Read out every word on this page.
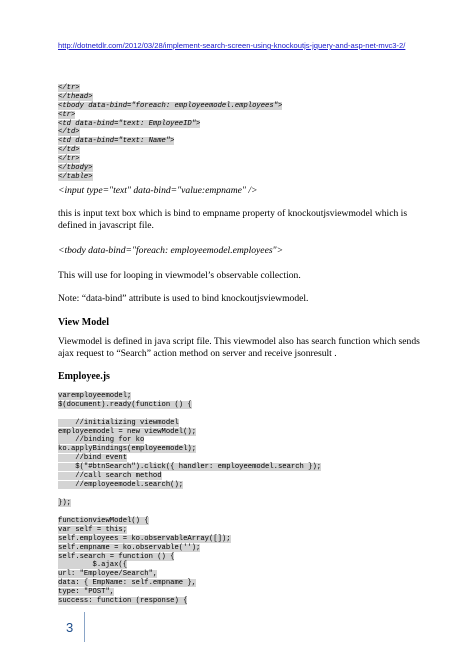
http://dotnetdlr.com/2012/03/28/implement-search-screen-using-knockoutjs-jquery-and-asp-net-mvc3-2/
</tr>
</thead>
<tbody data-bind="foreach: employeemodel.employees">
<tr>
<td data-bind="text: EmployeeID">
</td>
<td data-bind="text: Name">
</td>
</tr>
</tbody>
</table>
<input type="text" data-bind="value:empname" />
this is input text box which is bind to empname property of knockoutjsviewmodel which is defined in javascript file.
<tbody data-bind="foreach: employeemodel.employees">
This will use for looping in viewmodel’s observable collection.
Note: “data-bind” attribute is used to bind knockoutjsviewmodel.
View Model
Viewmodel is defined in java script file. This viewmodel also has search function which sends ajax request to “Search” action method on server and receive jsonresult .
Employee.js
varemployeemodel;
$(document).ready(function () {
//initializing viewmodel
employeemodel = new viewModel();
//binding for ko
ko.applyBindings(employeemodel);
//bind event
$("#btnSearch").click({ handler: employeemodel.search });
//call search method
//employeemodel.search();
});
functionviewModel() {
var self = this;
self.employees = ko.observableArray([]);
self.empname = ko.observable('');
self.search = function () {
$.ajax({
url: "Employee/Search",
data: { EmpName: self.empname },
type: "POST",
success: function (response) {
3
